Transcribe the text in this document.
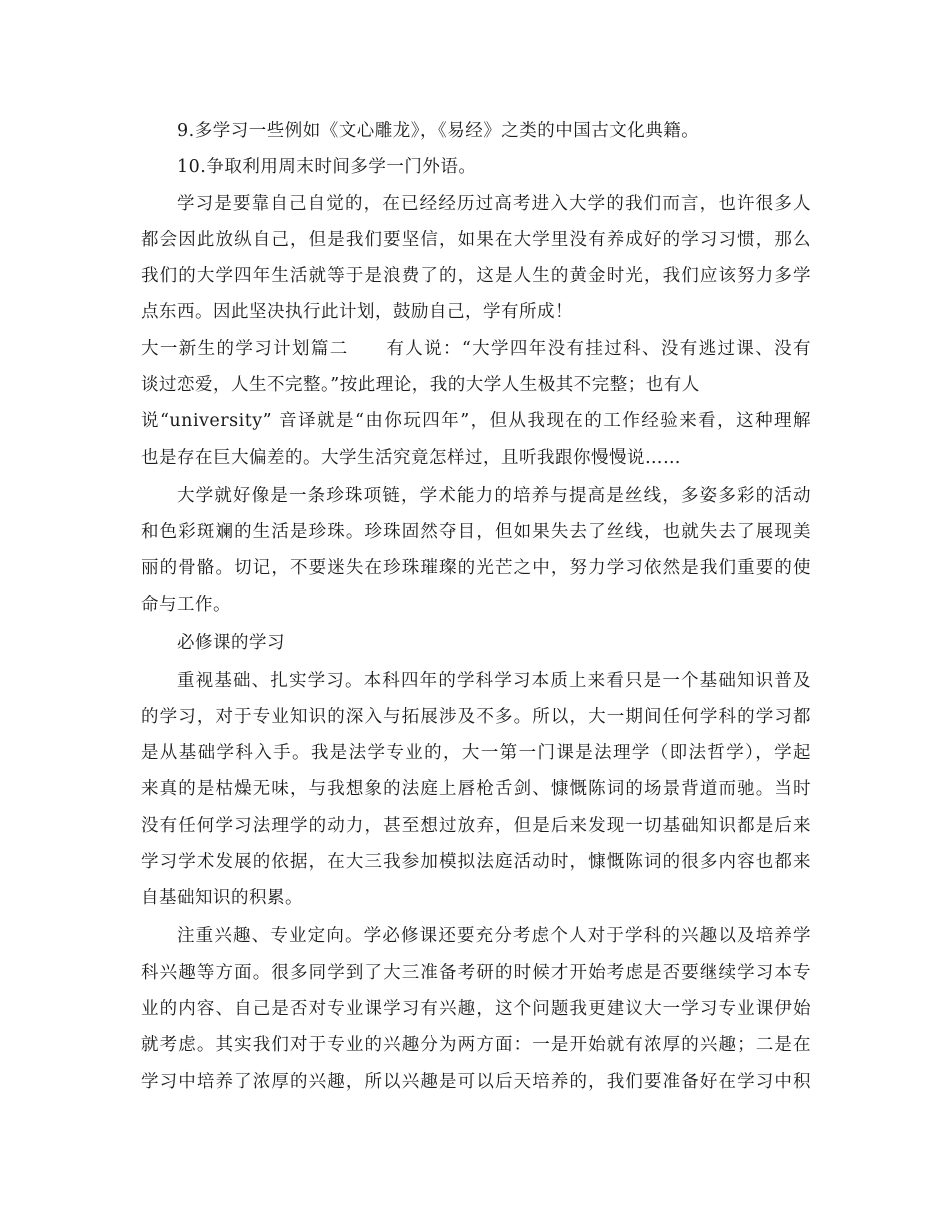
9.多学习一些例如《文心雕龙》，《易经》之类的中国古文化典籍。
10.争取利用周末时间多学一门外语。
学习是要靠自己自觉的，在已经经历过高考进入大学的我们而言，也许很多人
都会因此放纵自己，但是我们要坚信，如果在大学里没有养成好的学习习惯，那么
我们的大学四年生活就等于是浪费了的，这是人生的黄金时光，我们应该努力多学
点东西。因此坚决执行此计划，鼓励自己，学有所成！
大一新生的学习计划篇二　　有人说：“大学四年没有挂过科、没有逃过课、没有
谈过恋爱，人生不完整。”按此理论，我的大学人生极其不完整；也有人
说“university” 音译就是“由你玩四年”，但从我现在的工作经验来看，这种理解
也是存在巨大偏差的。大学生活究竟怎样过，且听我跟你慢慢说……
大学就好像是一条珍珠项链，学术能力的培养与提高是丝线，多姿多彩的活动
和色彩斑斓的生活是珍珠。珍珠固然夺目，但如果失去了丝线，也就失去了展现美
丽的骨骼。切记，不要迷失在珍珠璀璨的光芒之中，努力学习依然是我们重要的使
命与工作。
必修课的学习
重视基础、扎实学习。本科四年的学科学习本质上来看只是一个基础知识普及
的学习，对于专业知识的深入与拓展涉及不多。所以，大一期间任何学科的学习都
是从基础学科入手。我是法学专业的，大一第一门课是法理学（即法哲学），学起
来真的是枯燥无味，与我想象的法庭上唇枪舌剑、慷慨陈词的场景背道而驰。当时
没有任何学习法理学的动力，甚至想过放弃，但是后来发现一切基础知识都是后来
学习学术发展的依据，在大三我参加模拟法庭活动时，慷慨陈词的很多内容也都来
自基础知识的积累。
注重兴趣、专业定向。学必修课还要充分考虑个人对于学科的兴趣以及培养学
科兴趣等方面。很多同学到了大三准备考研的时候才开始考虑是否要继续学习本专
业的内容、自己是否对专业课学习有兴趣，这个问题我更建议大一学习专业课伊始
就考虑。其实我们对于专业的兴趣分为两方面：一是开始就有浓厚的兴趣；二是在
学习中培养了浓厚的兴趣，所以兴趣是可以后天培养的，我们要准备好在学习中积
